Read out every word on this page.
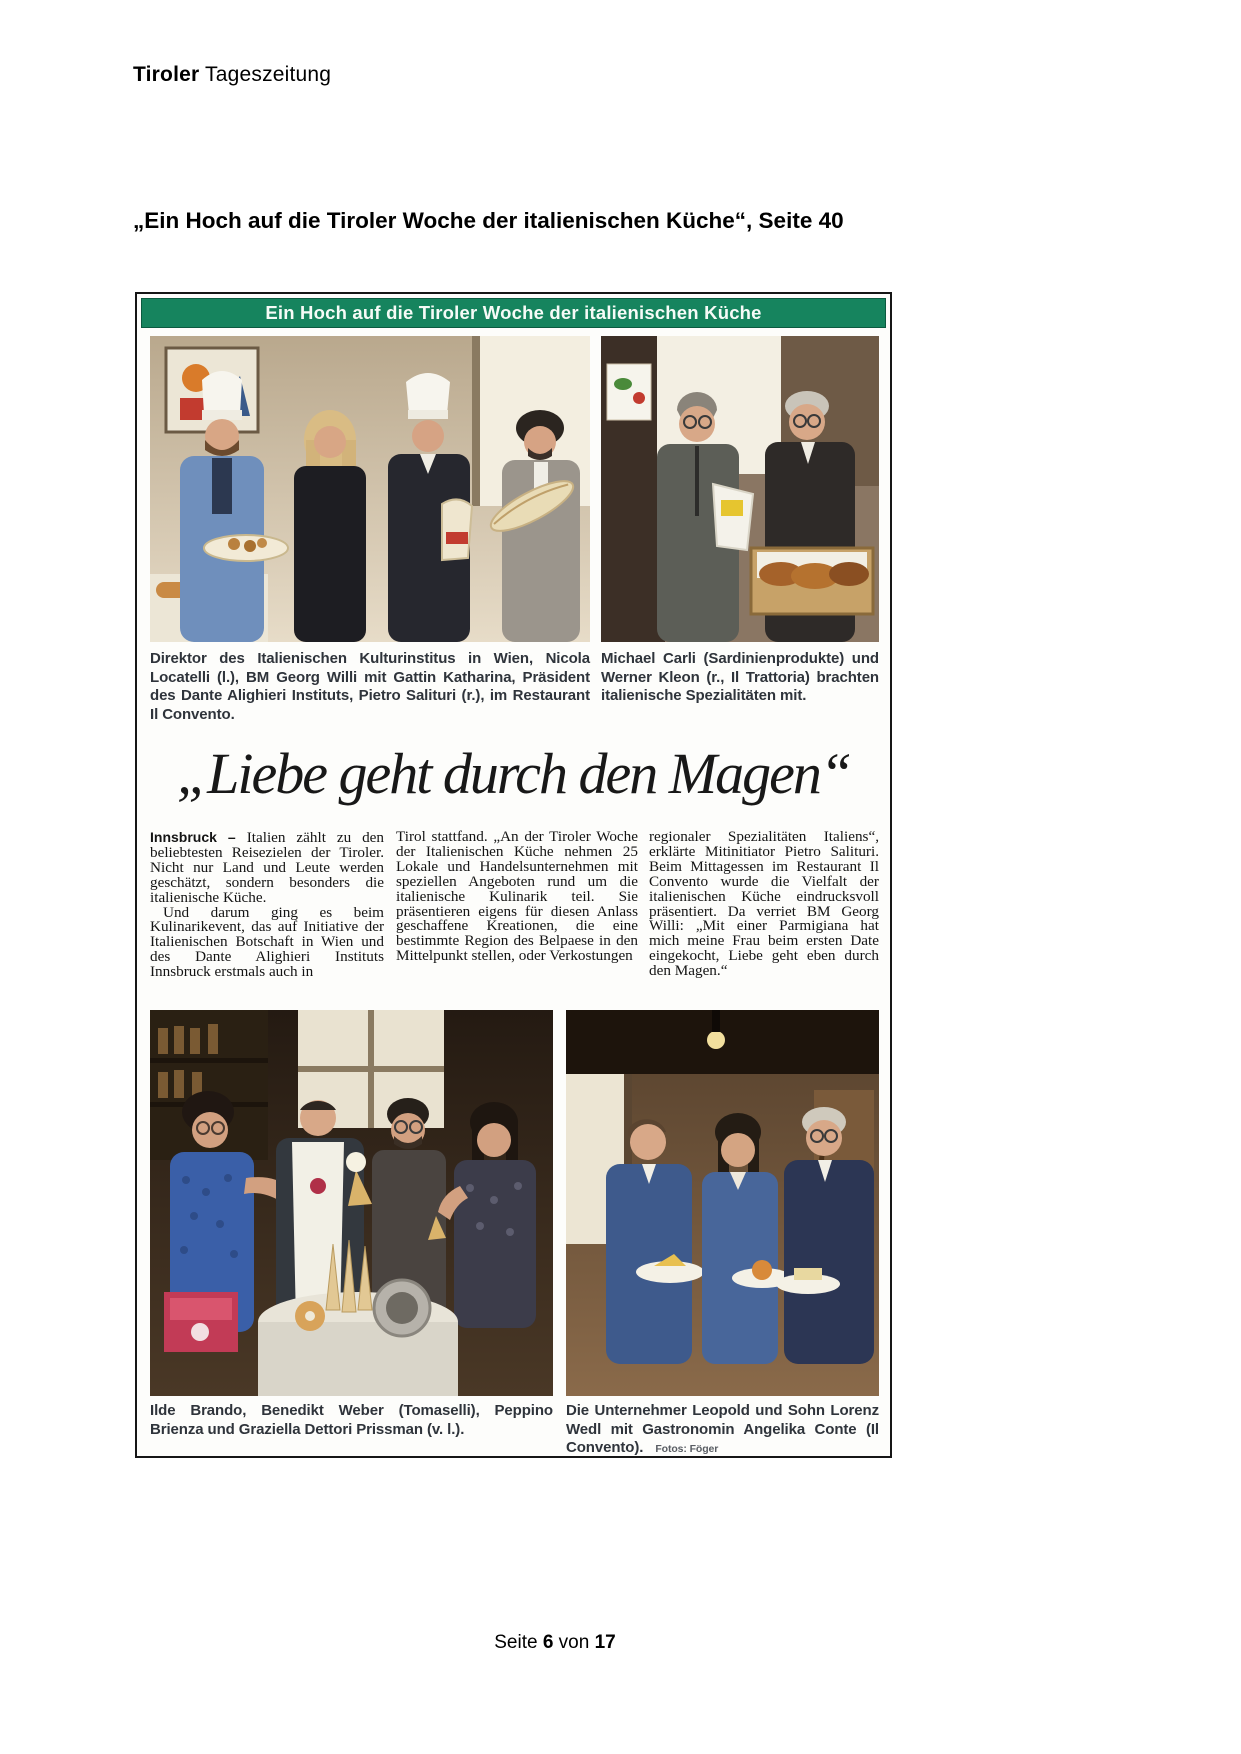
Tiroler Tageszeitung
„Ein Hoch auf die Tiroler Woche der italienischen Küche“, Seite 40
Ein Hoch auf die Tiroler Woche der italienischen Küche
Direktor des Italienischen Kulturinstitus in Wien, Nicola Locatelli (l.), BM Georg Willi mit Gattin Katharina, Präsident des Dante Alighieri Instituts, Pietro Salituri (r.), im Restaurant Il Convento.
Michael Carli (Sardinienprodukte) und Werner Kleon (r., Il Trattoria) brachten italienische Spezialitäten mit.
„Liebe geht durch den Magen“

Innsbruck – Italien zählt zu den beliebtesten Reisezielen der Tiroler. Nicht nur Land und Leute werden geschätzt, sondern besonders die italienische Küche.

Und darum ging es beim Kulinarikevent, das auf Initiative der Italienischen Botschaft in Wien und des Dante Alighieri Instituts Innsbruck erstmals auch in

Tirol stattfand. „An der Tiroler Woche der Italienischen Küche nehmen 25 Lokale und Handelsunternehmen mit speziellen Angeboten rund um die italienische Kulinarik teil. Sie präsentieren eigens für diesen Anlass geschaffene Kreationen, die eine bestimmte Region des Belpaese in den Mittelpunkt stellen, oder Verkostungen
regionaler Spezialitäten Italiens“, erklärte Mitinitiator Pietro Salituri. Beim Mittagessen im Restaurant Il Convento wurde die Vielfalt der italienischen Küche eindrucksvoll präsentiert. Da verriet BM Georg Willi: „Mit einer Parmigiana hat mich meine Frau beim ersten Date eingekocht, Liebe geht eben durch den Magen.“
Ilde Brando, Benedikt Weber (Tomaselli), Peppino Brienza und Graziella Dettori Prissman (v. l.).
Die Unternehmer Leopold und Sohn Lorenz Wedl mit Gastronomin Angelika Conte (Il Convento). Fotos: Föger
Seite 6 von 17
